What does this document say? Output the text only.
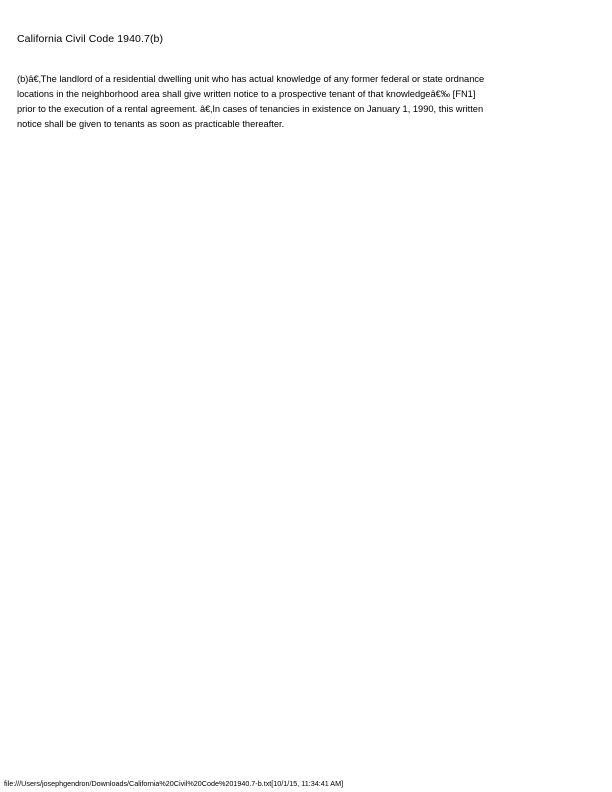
California Civil Code 1940.7(b)
(b)â€‚The landlord of a residential dwelling unit who has actual knowledge of any former federal or state ordnance
locations in the neighborhood area shall give written notice to a prospective tenant of that knowledgeâ€‰ [FN1]
prior to the execution of a rental agreement. â€‚In cases of tenancies in existence on January 1, 1990, this written
notice shall be given to tenants as soon as practicable thereafter.
file:///Users/josephgendron/Downloads/California%20Civil%20Code%201940.7-b.txt[10/1/15, 11:34:41 AM]
